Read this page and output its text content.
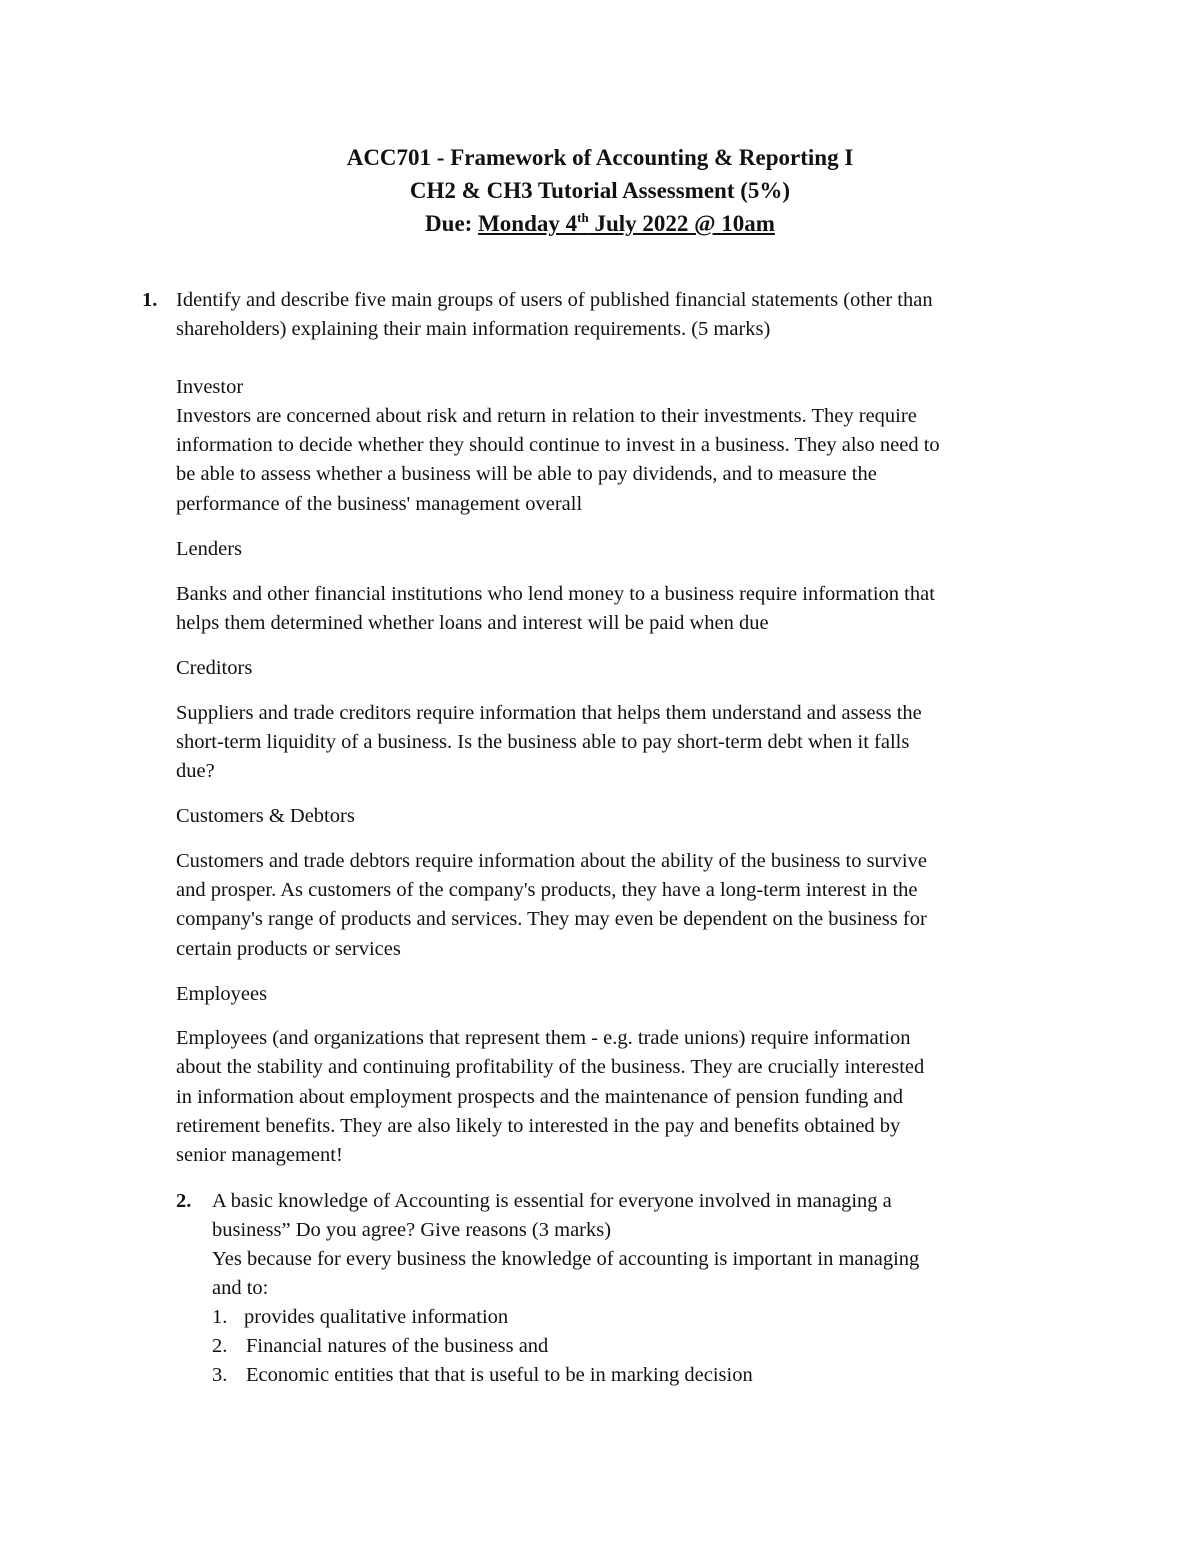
ACC701 - Framework of Accounting & Reporting I
CH2 & CH3 Tutorial Assessment (5%)
Due: Monday 4th July 2022 @ 10am
1. Identify and describe five main groups of users of published financial statements (other than
shareholders) explaining their main information requirements. (5 marks)
Investor
Investors are concerned about risk and return in relation to their investments. They require
information to decide whether they should continue to invest in a business. They also need to
be able to assess whether a business will be able to pay dividends, and to measure the
performance of the business' management overall
Lenders
Banks and other financial institutions who lend money to a business require information that
helps them determined whether loans and interest will be paid when due
Creditors
Suppliers and trade creditors require information that helps them understand and assess the
short-term liquidity of a business. Is the business able to pay short-term debt when it falls
due?
Customers & Debtors
Customers and trade debtors require information about the ability of the business to survive
and prosper. As customers of the company's products, they have a long-term interest in the
company's range of products and services. They may even be dependent on the business for
certain products or services
Employees
Employees (and organizations that represent them - e.g. trade unions) require information
about the stability and continuing profitability of the business. They are crucially interested
in information about employment prospects and the maintenance of pension funding and
retirement benefits. They are also likely to interested in the pay and benefits obtained by
senior management!
2. A basic knowledge of Accounting is essential for everyone involved in managing a
business” Do you agree? Give reasons (3 marks)
Yes because for every business the knowledge of accounting is important in managing
and to:
1. provides qualitative information
2. Financial natures of the business and
3. Economic entities that that is useful to be in marking decision
